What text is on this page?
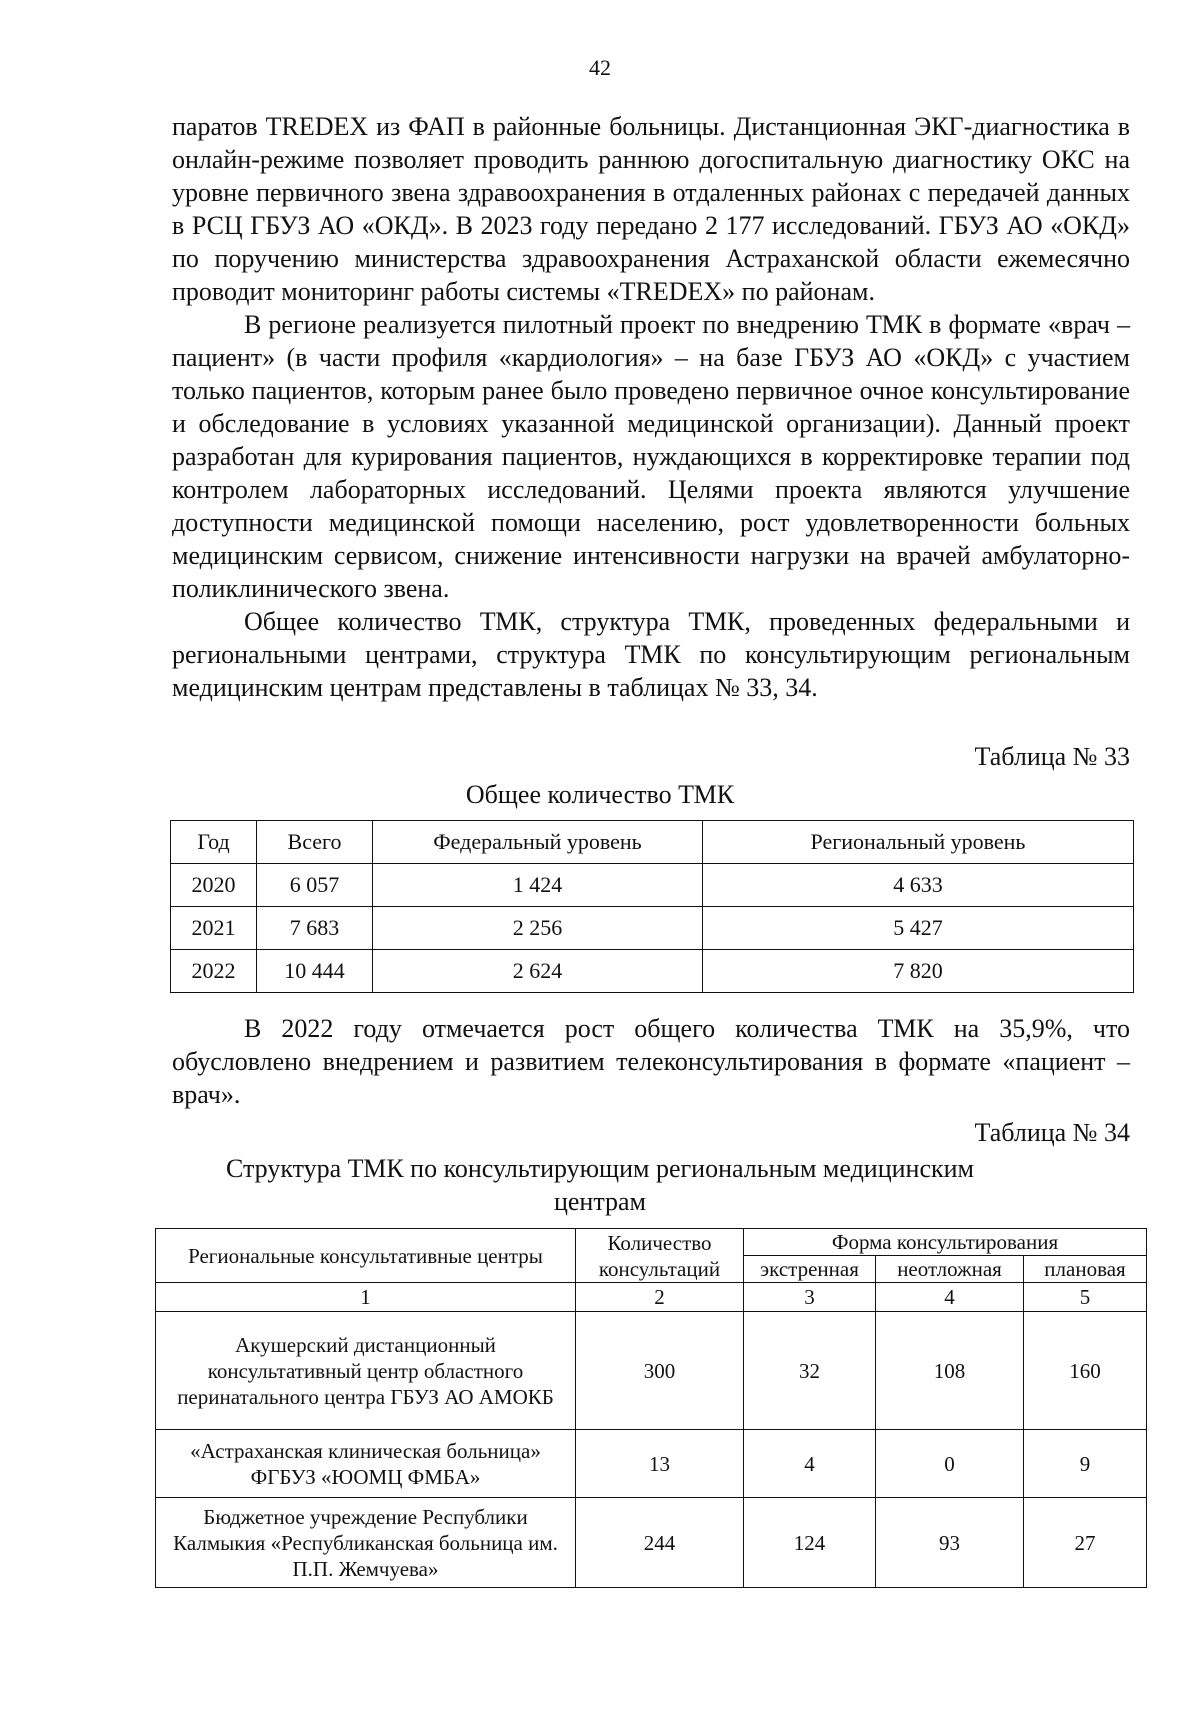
42

паратов TREDEX из ФАП в районные больницы. Дистанционная ЭКГ-диагностика в онлайн-режиме позволяет проводить раннюю догоспитальную диагностику ОКС на уровне первичного звена здравоохранения в отдаленных районах с передачей данных в РСЦ ГБУЗ АО «ОКД». В 2023 году передано 2 177 исследований. ГБУЗ АО «ОКД» по поручению министерства здравоохранения Астраханской области ежемесячно проводит мониторинг работы системы «TREDEX» по районам.

В регионе реализуется пилотный проект по внедрению ТМК в формате «врач – пациент» (в части профиля «кардиология» – на базе ГБУЗ АО «ОКД» с участием только пациентов, которым ранее было проведено первичное очное консультирование и обследование в условиях указанной медицинской организации). Данный проект разработан для курирования пациентов, нуждающихся в корректировке терапии под контролем лабораторных исследований. Целями проекта являются улучшение доступности медицинской помощи населению, рост удовлетворенности больных медицинским сервисом, снижение интенсивности нагрузки на врачей амбулаторно-поликлинического звена.

Общее количество ТМК, структура ТМК, проведенных федеральными и региональными центрами, структура ТМК по консультирующим региональным медицинским центрам представлены в таблицах № 33, 34.

Таблица № 33
Общее количество ТМК
Год	Всего	Федеральный уровень	Региональный уровень
2020	6 057	1 424	4 633
2021	7 683	2 256	5 427
2022	10 444	2 624	7 820

В 2022 году отмечается рост общего количества ТМК на 35,9%, что обусловлено внедрением и развитием телеконсультирования в формате «пациент – врач».

Таблица № 34
Структура ТМК по консультирующим региональным медицинским
центрам
Региональные консультативные центры	Количество консультаций	Форма консультирования		
		экстренная	неотложная	плановая
1	2	3	4	5
Акушерский дистанционный консультативный центр областного перинатального центра ГБУЗ АО АМОКБ	300	32	108	160
«Астраханская клиническая больница» ФГБУЗ «ЮОМЦ ФМБА»	13	4	0	9
Бюджетное учреждение Республики Калмыкия «Республиканская больница им. П.П. Жемчуева»	244	124	93	27
